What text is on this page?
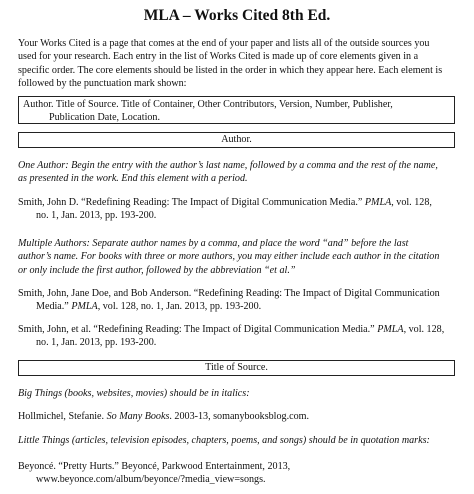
MLA – Works Cited 8th Ed.
Your Works Cited is a page that comes at the end of your paper and lists all of the outside sources you
used for your research. Each entry in the list of Works Cited is made up of core elements given in a
specific order. The core elements should be listed in the order in which they appear here. Each element is
followed by the punctuation mark shown:
Author. Title of Source. Title of Container, Other Contributors, Version, Number, Publisher,
Publication Date, Location.
Author.
One Author: Begin the entry with the author’s last name, followed by a comma and the rest of the name,
as presented in the work. End this element with a period.
Smith, John D. “Redefining Reading: The Impact of Digital Communication Media.” PMLA, vol. 128,
no. 1, Jan. 2013, pp. 193-200.
Multiple Authors: Separate author names by a comma, and place the word “and” before the last
author’s name. For books with three or more authors, you may either include each author in the citation
or only include the first author, followed by the abbreviation “et al.”
Smith, John, Jane Doe, and Bob Anderson. “Redefining Reading: The Impact of Digital Communication
Media.” PMLA, vol. 128, no. 1, Jan. 2013, pp. 193-200.
Smith, John, et al. “Redefining Reading: The Impact of Digital Communication Media.” PMLA, vol. 128,
no. 1, Jan. 2013, pp. 193-200.
Title of Source.
Big Things (books, websites, movies) should be in italics:
Hollmichel, Stefanie. So Many Books. 2003-13, somanybooksblog.com.
Little Things (articles, television episodes, chapters, poems, and songs) should be in quotation marks:
Beyoncé. “Pretty Hurts.” Beyoncé, Parkwood Entertainment, 2013,
www.beyonce.com/album/beyonce/?media_view=songs.
